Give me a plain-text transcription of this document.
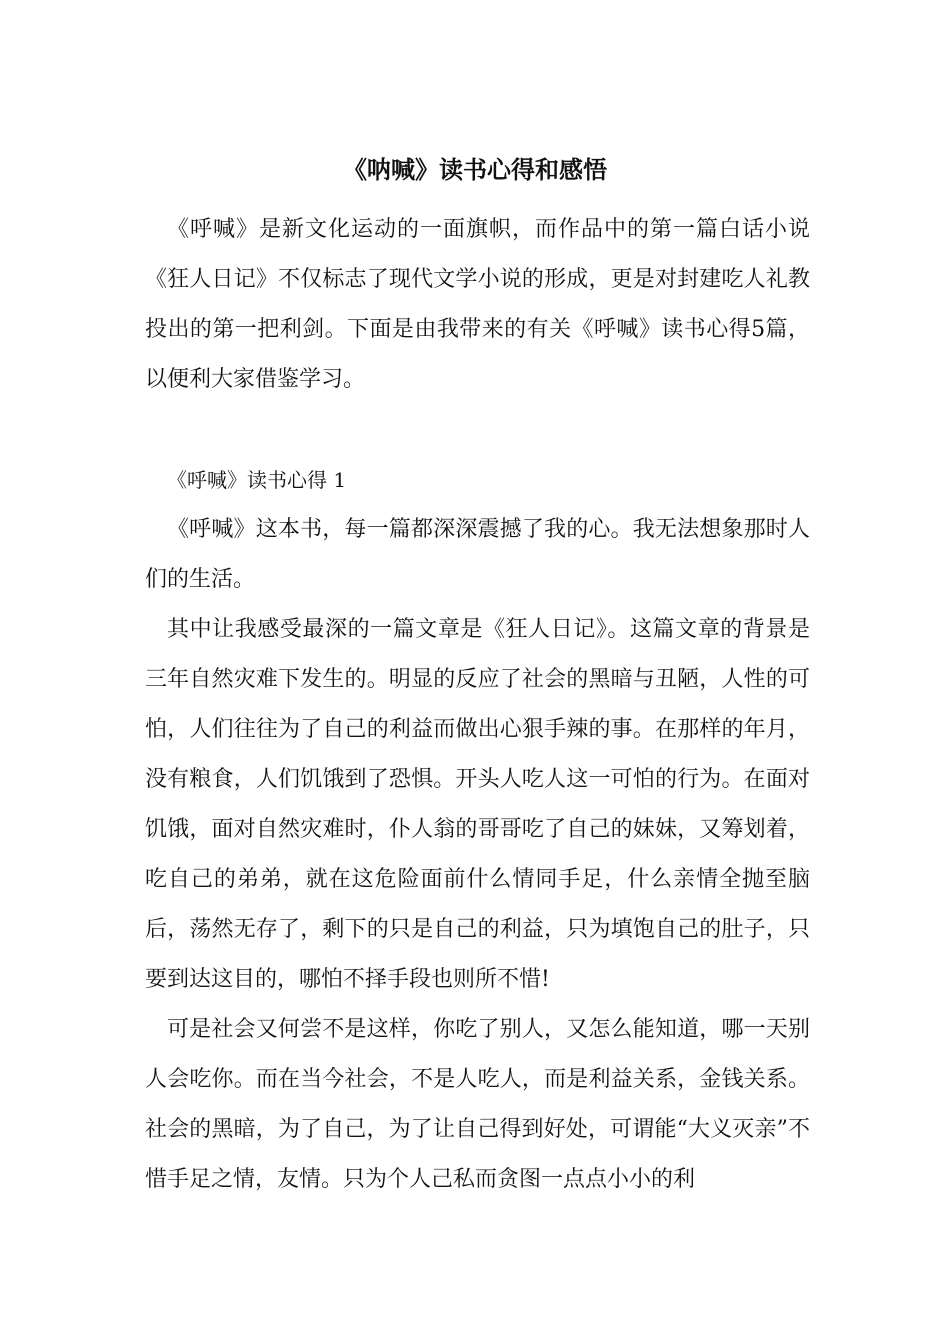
《呐喊》读书心得和感悟

《呼喊》是新文化运动的一面旗帜，而作品中的第一篇白话小说《狂人日记》不仅标志了现代文学小说的形成，更是对封建吃人礼教投出的第一把利剑。下面是由我带来的有关《呼喊》读书心得5篇，以便利大家借鉴学习。

《呼喊》读书心得 1

《呼喊》这本书，每一篇都深深震撼了我的心。我无法想象那时人们的生活。

其中让我感受最深的一篇文章是《狂人日记》。这篇文章的背景是三年自然灾难下发生的。明显的反应了社会的黑暗与丑陋，人性的可怕，人们往往为了自己的利益而做出心狠手辣的事。在那样的年月，没有粮食，人们饥饿到了恐惧。开头人吃人这一可怕的行为。在面对饥饿，面对自然灾难时，仆人翁的哥哥吃了自己的妹妹，又筹划着，吃自己的弟弟，就在这危险面前什么情同手足，什么亲情全抛至脑后，荡然无存了，剩下的只是自己的利益，只为填饱自己的肚子，只要到达这目的，哪怕不择手段也则所不惜!

可是社会又何尝不是这样，你吃了别人，又怎么能知道，哪一天别人会吃你。而在当今社会，不是人吃人，而是利益关系，金钱关系。社会的黑暗，为了自己，为了让自己得到好处，可谓能“大义灭亲”不惜手足之情，友情。只为个人己私而贪图一点点小小的利
